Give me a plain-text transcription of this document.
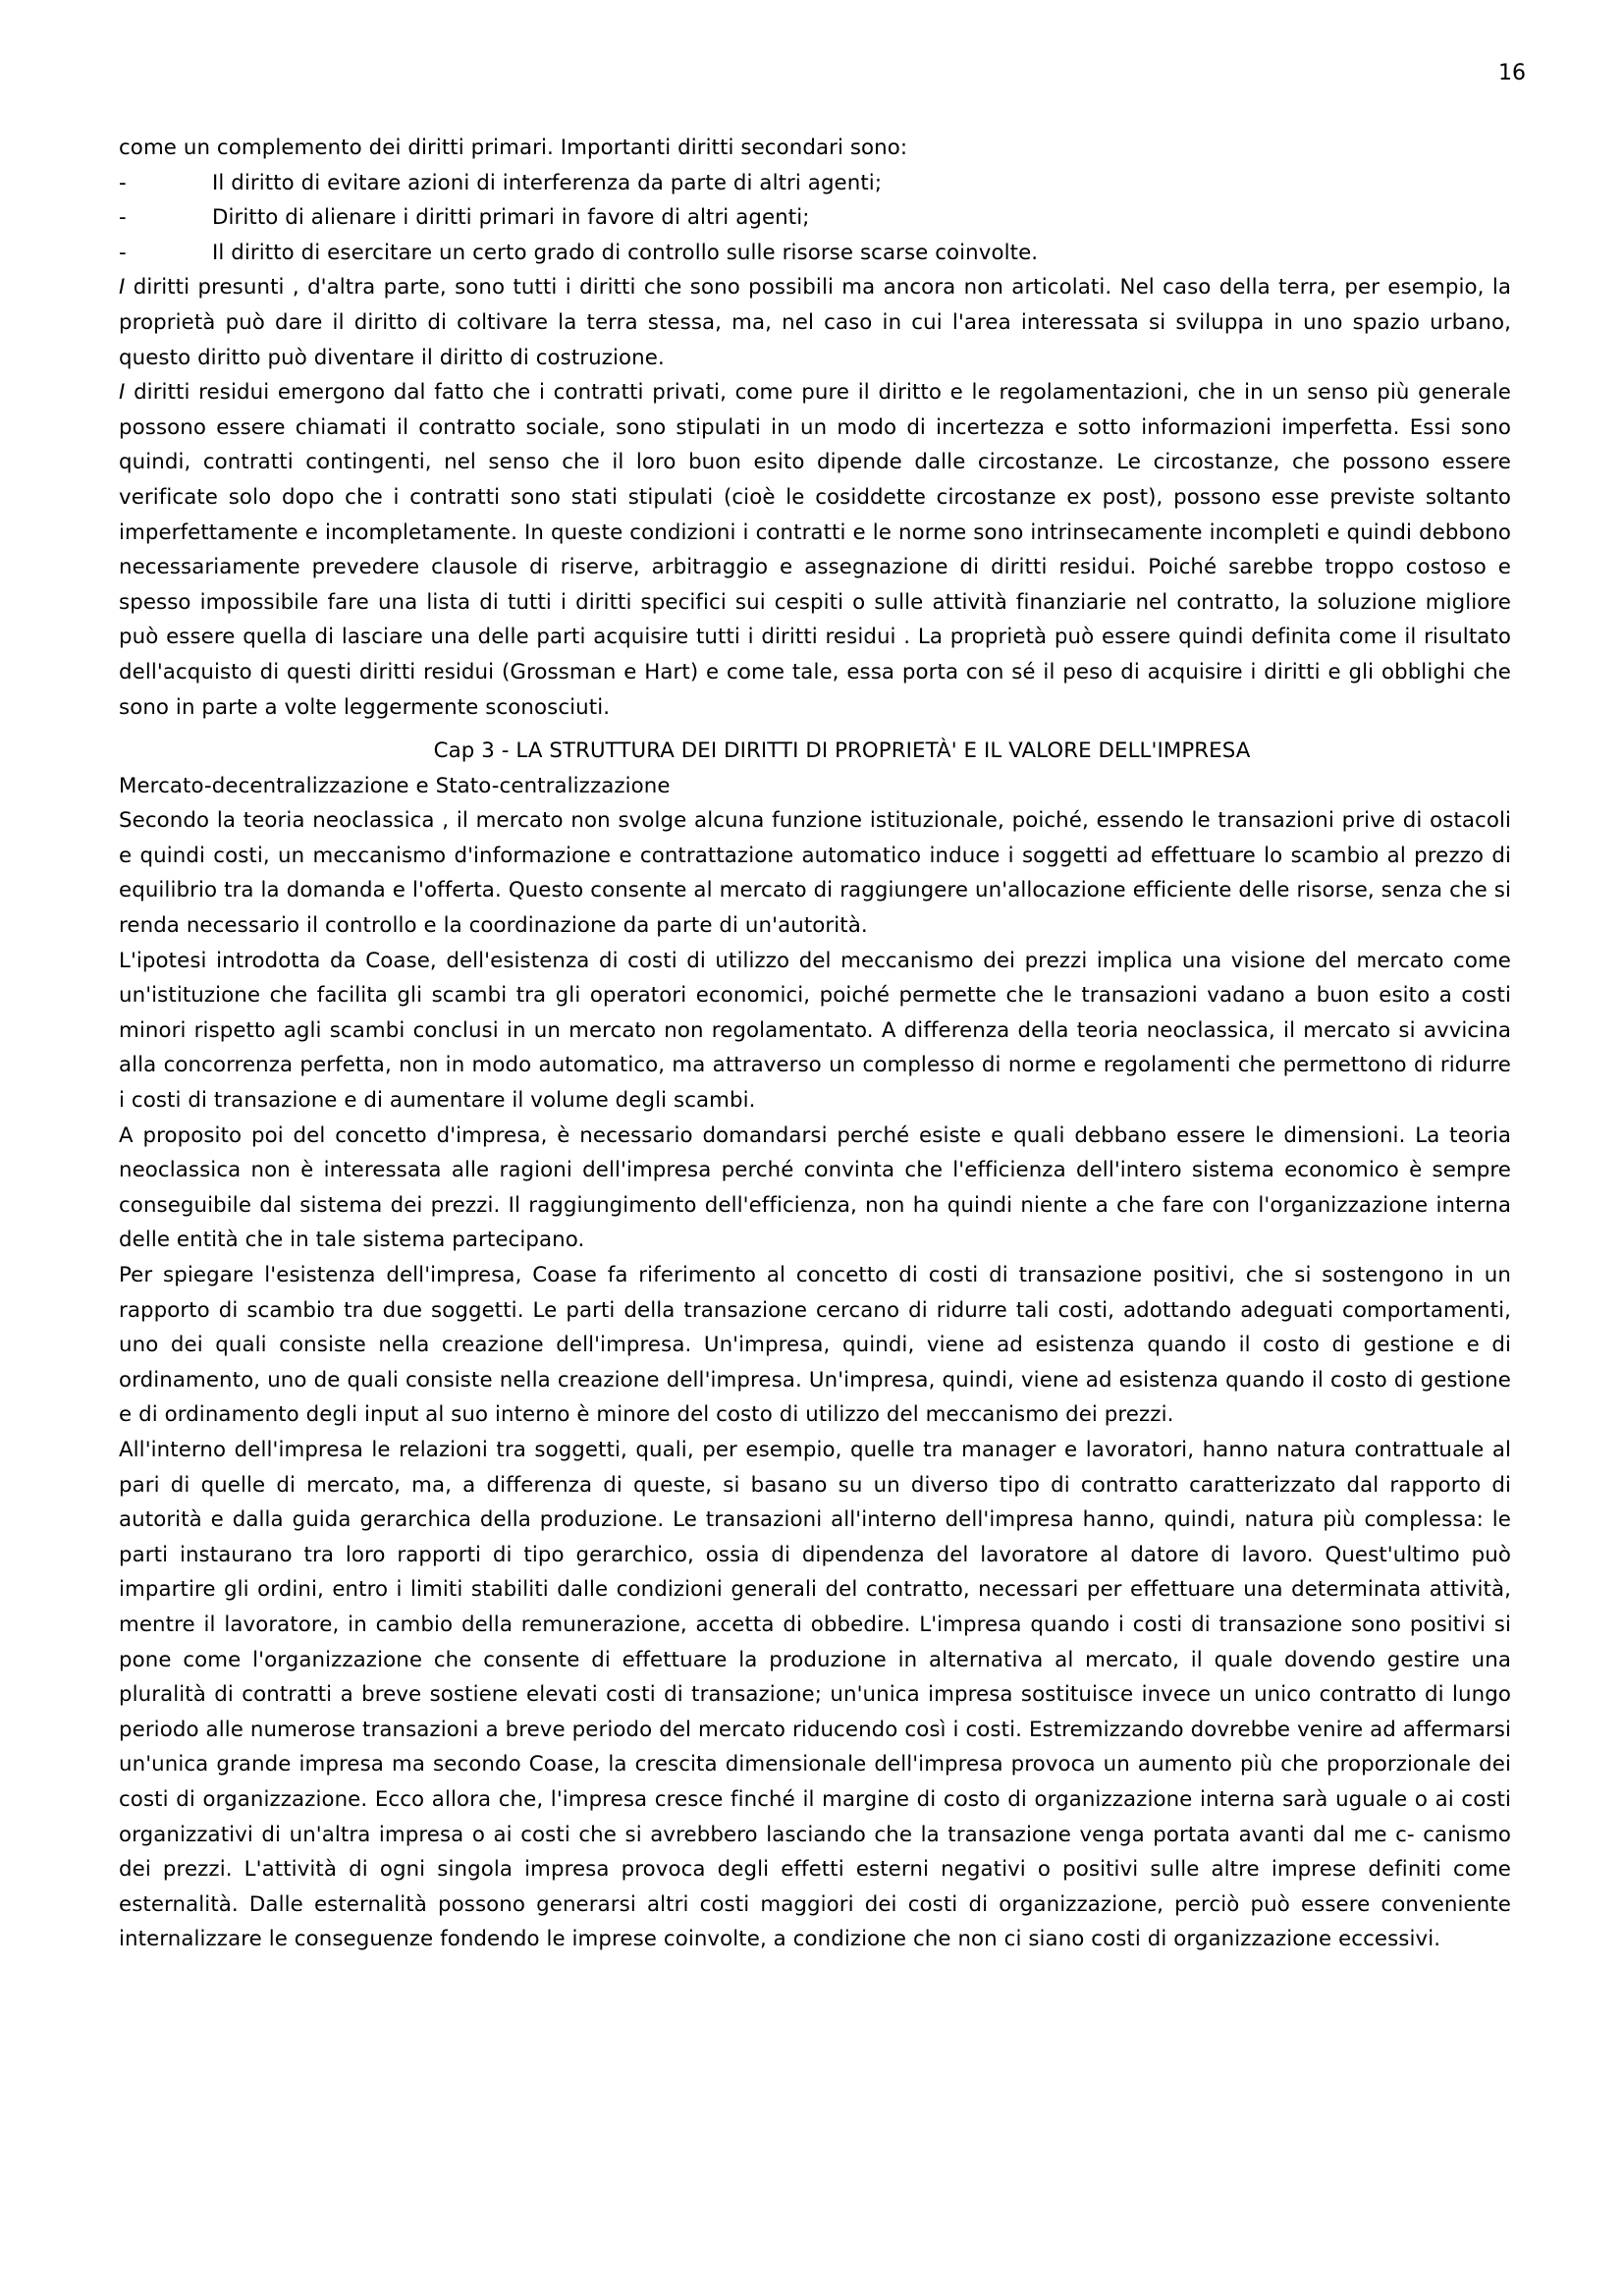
16

come un complemento dei diritti primari. Importanti diritti secondari sono:

-	Il diritto di evitare azioni di interferenza da parte di altri agenti;
-	Diritto di alienare i diritti primari in favore di altri agenti;
-	Il diritto di esercitare un certo grado di controllo sulle risorse scarse coinvolte.

I diritti presunti , d'altra parte, sono tutti i diritti che sono possibili ma ancora non articolati. Nel caso della terra, per esempio, la proprietà può dare il diritto di coltivare la terra stessa, ma, nel caso in cui l'area interessata si sviluppa in uno spazio urbano, questo diritto può diventare il diritto di costruzione.

I diritti residui emergono dal fatto che i contratti privati, come pure il diritto e le regolamentazioni, che in un senso più generale possono essere chiamati il contratto sociale, sono stipulati in un modo di incertezza e sotto informazioni imperfetta. Essi sono quindi, contratti contingenti, nel senso che il loro buon esito dipende dalle circostanze. Le circostanze, che possono essere verificate solo dopo che i contratti sono stati stipulati (cioè le cosiddette circostanze ex post), possono esse previste soltanto imperfettamente e incompletamente. In queste condizioni i contratti e le norme sono intrinsecamente incompleti e quindi debbono necessariamente prevedere clausole di riserve, arbitraggio e assegnazione di diritti residui. Poiché sarebbe troppo costoso e spesso impossibile fare una lista di tutti i diritti specifici sui cespiti o sulle attività finanziarie nel contratto, la soluzione migliore può essere quella di lasciare una delle parti acquisire tutti i diritti residui . La proprietà può essere quindi definita come il risultato dell'acquisto di questi diritti residui (Grossman e Hart) e come tale, essa porta con sé il peso di acquisire i diritti e gli obblighi che sono in parte a volte leggermente sconosciuti.

Cap 3 - LA STRUTTURA DEI DIRITTI DI PROPRIETÀ' E IL VALORE DELL'IMPRESA

Mercato-decentralizzazione e Stato-centralizzazione

Secondo la teoria neoclassica , il mercato non svolge alcuna funzione istituzionale, poiché, essendo le transazioni prive di ostacoli e quindi costi, un meccanismo d'informazione e contrattazione automatico induce i soggetti ad effettuare lo scambio al prezzo di equilibrio tra la domanda e l'offerta. Questo consente al mercato di raggiungere un'allocazione efficiente delle risorse, senza che si renda necessario il controllo e la coordinazione da parte di un'autorità.

L'ipotesi introdotta da Coase, dell'esistenza di costi di utilizzo del meccanismo dei prezzi implica una visione del mercato come un'istituzione che facilita gli scambi tra gli operatori economici, poiché permette che le transazioni vadano a buon esito a costi minori rispetto agli scambi conclusi in un mercato non regolamentato. A differenza della teoria neoclassica, il mercato si avvicina alla concorrenza perfetta, non in modo automatico, ma attraverso un complesso di norme e regolamenti che permettono di ridurre i costi di transazione e di aumentare il volume degli scambi.

A proposito poi del concetto d'impresa, è necessario domandarsi perché esiste e quali debbano essere le dimensioni. La teoria neoclassica non è interessata alle ragioni dell'impresa perché convinta che l'efficienza dell'intero sistema economico è sempre conseguibile dal sistema dei prezzi. Il raggiungimento dell'efficienza, non ha quindi niente a che fare con l'organizzazione interna delle entità che in tale sistema partecipano.

Per spiegare l'esistenza dell'impresa, Coase fa riferimento al concetto di costi di transazione positivi, che si sostengono in un rapporto di scambio tra due soggetti. Le parti della transazione cercano di ridurre tali costi, adottando adeguati comportamenti, uno dei quali consiste nella creazione dell'impresa. Un'impresa, quindi, viene ad esistenza quando il costo di gestione e di ordinamento, uno de quali consiste nella creazione dell'impresa. Un'impresa, quindi, viene ad esistenza quando il costo di gestione e di ordinamento degli input al suo interno è minore del costo di utilizzo del meccanismo dei prezzi.

All'interno dell'impresa le relazioni tra soggetti, quali, per esempio, quelle tra manager e lavoratori, hanno natura contrattuale al pari di quelle di mercato, ma, a differenza di queste, si basano su un diverso tipo di contratto caratterizzato dal rapporto di autorità e dalla guida gerarchica della produzione. Le transazioni all'interno dell'impresa hanno, quindi, natura più complessa: le parti instaurano tra loro rapporti di tipo gerarchico, ossia di dipendenza del lavoratore al datore di lavoro. Quest'ultimo può impartire gli ordini, entro i limiti stabiliti dalle condizioni generali del contratto, necessari per effettuare una determinata attività, mentre il lavoratore, in cambio della remunerazione, accetta di obbedire. L'impresa quando i costi di transazione sono positivi si pone come l'organizzazione che consente di effettuare la produzione in alternativa al mercato, il quale dovendo gestire una pluralità di contratti a breve sostiene elevati costi di transazione; un'unica impresa sostituisce invece un unico contratto di lungo periodo alle numerose transazioni a breve periodo del mercato riducendo così i costi. Estremizzando dovrebbe venire ad affermarsi un'unica grande impresa ma secondo Coase, la crescita dimensionale dell'impresa provoca un aumento più che proporzionale dei costi di organizzazione. Ecco allora che, l'impresa cresce finché il margine di costo di organizzazione interna sarà uguale o ai costi organizzativi di un'altra impresa o ai costi che si avrebbero lasciando che la transazione venga portata avanti dal me c- canismo dei prezzi. L'attività di ogni singola impresa provoca degli effetti esterni negativi o positivi sulle altre imprese definiti come esternalità. Dalle esternalità possono generarsi altri costi maggiori dei costi di organizzazione, perciò può essere conveniente internalizzare le conseguenze fondendo le imprese coinvolte, a condizione che non ci siano costi di organizzazione eccessivi.
